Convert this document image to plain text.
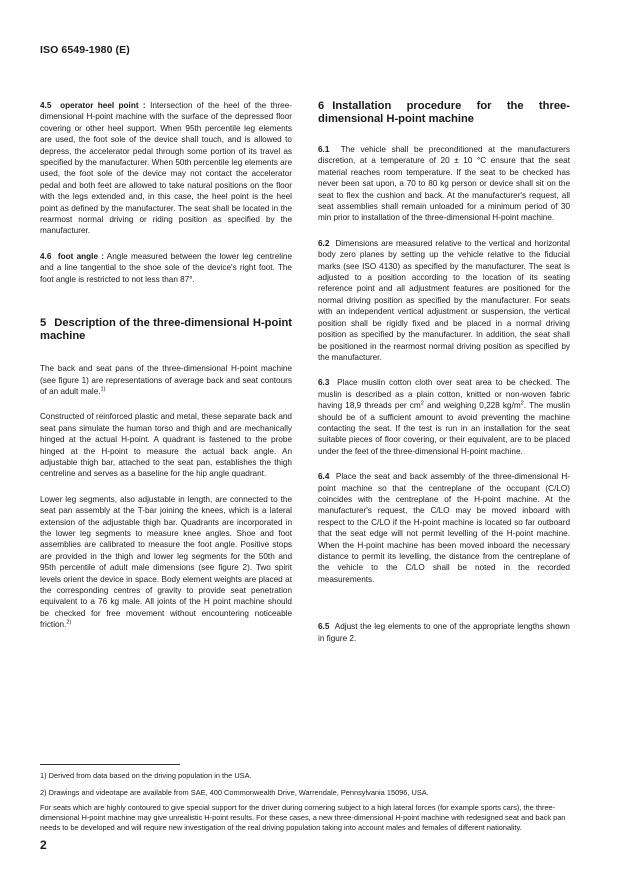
ISO 6549-1980 (E)

4.5 operator heel point : Intersection of the heel of the three-dimensional H-point machine with the surface of the depressed floor covering or other heel support. When 95th percentile leg elements are used, the foot sole of the device shall touch, and is allowed to depress, the accelerator pedal through some portion of its travel as specified by the manufacturer. When 50th percentile leg elements are used, the foot sole of the device may not contact the accelerator pedal and both feet are allowed to take natural positions on the floor with the legs extended and, in this case, the heel point is the heel point as defined by the manufacturer. The seat shall be located in the rearmost normal driving or riding position as specified by the manufacturer.

4.6 foot angle : Angle measured between the lower leg centreline and a line tangential to the shoe sole of the device's right foot. The foot angle is restricted to not less than 87°.

5 Description of the three-dimensional H-point machine

The back and seat pans of the three-dimensional H-point machine (see figure 1) are representations of average back and seat contours of an adult male.$^{1)}$

Constructed of reinforced plastic and metal, these separate back and seat pans simulate the human torso and thigh and are mechanically hinged at the actual H-point. A quadrant is fastened to the probe hinged at the H-point to measure the actual back angle. An adjustable thigh bar, attached to the seat pan, establishes the thigh centreline and serves as a baseline for the hip angle quadrant.

Lower leg segments, also adjustable in length, are connected to the seat pan assembly at the T-bar joining the knees, which is a lateral extension of the adjustable thigh bar. Quadrants are incorporated in the lower leg segments to measure knee angles. Shoe and foot assemblies are calibrated to measure the foot angle. Positive stops are provided in the thigh and lower leg segments for the 50th and 95th percentile of adult male dimensions (see figure 2). Two spirit levels orient the device in space. Body element weights are placed at the corresponding centres of gravity to provide seat penetration equivalent to a 76 kg male. All joints of the H point machine should be checked for free movement without encountering noticeable friction.$^{2)}$

6 Installation procedure for the three-dimensional H-point machine

6.1 The vehicle shall be preconditioned at the manufacturers discretion, at a temperature of 20 ± 10 °C ensure that the seat material reaches room temperature. If the seat to be checked has never been sat upon, a 70 to 80 kg person or device shall sit on the seat to flex the cushion and back. At the manufacturer's request, all seat assemblies shall remain unloaded for a minimum period of 30 min prior to installation of the three-dimensional H-point machine.

6.2 Dimensions are measured relative to the vertical and horizontal body zero planes by setting up the vehicle relative to the fiducial marks (see ISO 4130) as specified by the manufacturer. The seat is adjusted to a position according to the location of its seating reference point and all adjustment features are positioned for the normal driving position as specified by the manufacturer. For seats with an independent vertical adjustment or suspension, the vertical position shall be rigidly fixed and be placed in a normal driving position as specified by the manufacturer. In addition, the seat shall be positioned in the rearmost normal driving position as specified by the manufacturer.

6.3 Place muslin cotton cloth over seat area to be checked. The muslin is described as a plain cotton, knitted or non-woven fabric having 18,9 threads per $cm^2$ and weighing 0,228 $kg/m^2$. The muslin should be of a sufficient amount to avoid preventing the machine contacting the seat. If the test is run in an installation for the seat suitable pieces of floor covering, or their equivalent, are to be placed under the feet of the three-dimensional H-point machine.

6.4 Place the seat and back assembly of the three-dimensional H-point machine so that the centreplane of the occupant (C/LO) coincides with the centreplane of the H-point machine. At the manufacturer's request, the C/LO may be moved inboard with respect to the C/LO if the H-point machine is located so far outboard that the seat edge will not permit levelling of the H-point machine. When the H-point machine has been moved inboard the necessary distance to permit its levelling, the distance from the centreplane of the vehicle to the C/LO shall be noted in the recorded measurements.

6.5 Adjust the leg elements to one of the appropriate lengths shown in figure 2.

1) Derived from data based on the driving population in the USA.
2) Drawings and videotape are available from SAE, 400 Commonwealth Drive, Warrendale, Pennsylvania 15096, USA.
For seats which are highly contoured to give special support for the driver during cornering subject to a high lateral forces (for example sports cars), the three-dimensional H-point machine may give unrealistic H-point results. For these cases, a new three-dimensional H-point machine with redesigned seat and back pan needs to be developed and will require new investigation of the real driving population taking into account males and females of different nationality.
2
